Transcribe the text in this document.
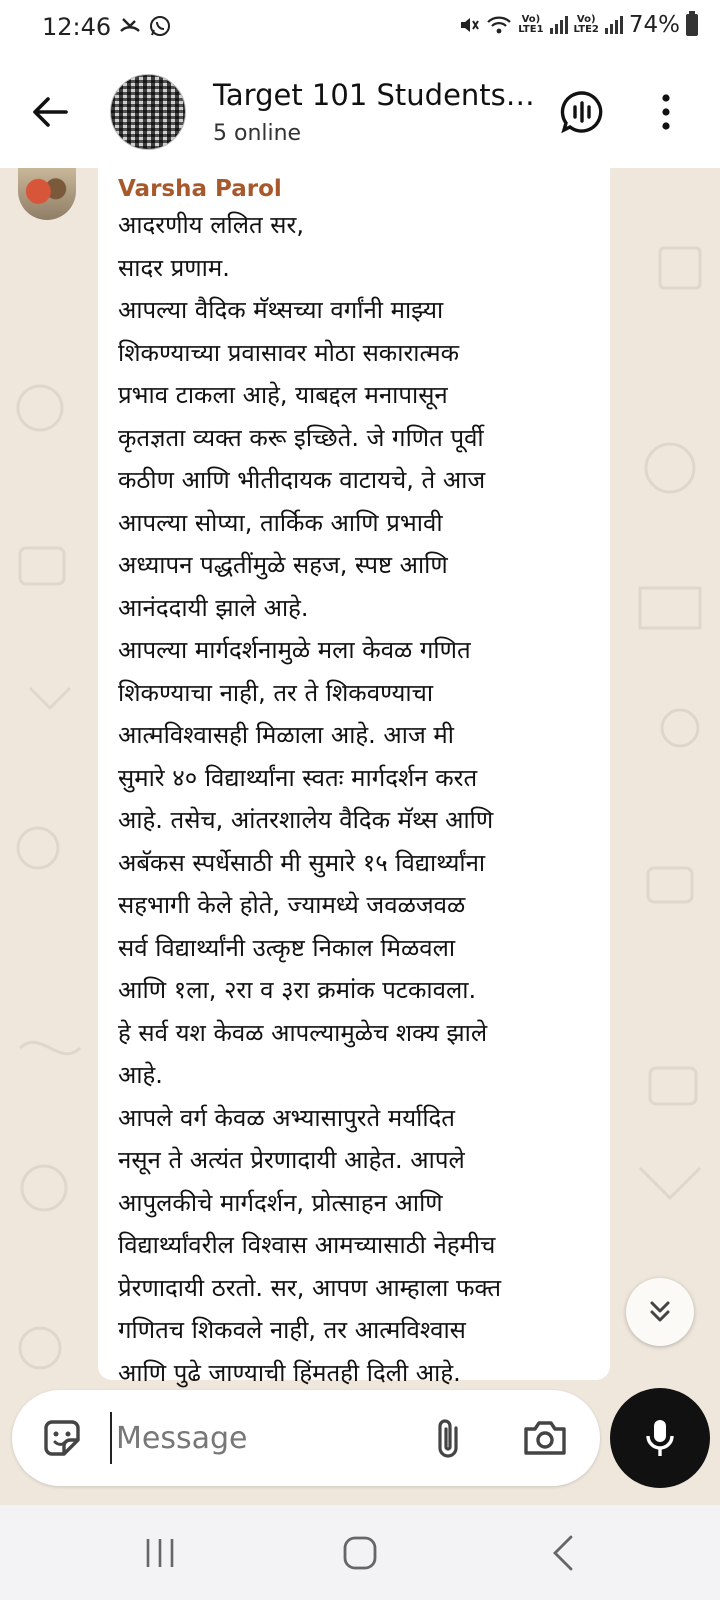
12:46	Vo)
LTE1
Vo)
LTE2 74%
Target 101 Students…
5 online
Varsha Parol
आदरणीय ललित सर,
सादर प्रणाम.
आपल्या वैदिक मॅथ्सच्या वर्गांनी माझ्या
शिकण्याच्या प्रवासावर मोठा सकारात्मक
प्रभाव टाकला आहे, याबद्दल मनापासून
कृतज्ञता व्यक्त करू इच्छिते. जे गणित पूर्वी
कठीण आणि भीतीदायक वाटायचे, ते आज
आपल्या सोप्या, तार्किक आणि प्रभावी
अध्यापन पद्धतींमुळे सहज, स्पष्ट आणि
आनंददायी झाले आहे.
आपल्या मार्गदर्शनामुळे मला केवळ गणित
शिकण्याचा नाही, तर ते शिकवण्याचा
आत्मविश्वासही मिळाला आहे. आज मी
सुमारे ४० विद्यार्थ्यांना स्वतः मार्गदर्शन करत
आहे. तसेच, आंतरशालेय वैदिक मॅथ्स आणि
अबॅकस स्पर्धेसाठी मी सुमारे १५ विद्यार्थ्यांना
सहभागी केले होते, ज्यामध्ये जवळजवळ
सर्व विद्यार्थ्यांनी उत्कृष्ट निकाल मिळवला
आणि १ला, २रा व ३रा क्रमांक पटकावला.
हे सर्व यश केवळ आपल्यामुळेच शक्य झाले
आहे.
आपले वर्ग केवळ अभ्यासापुरते मर्यादित
नसून ते अत्यंत प्रेरणादायी आहेत. आपले
आपुलकीचे मार्गदर्शन, प्रोत्साहन आणि
विद्यार्थ्यांवरील विश्वास आमच्यासाठी नेहमीच
प्रेरणादायी ठरतो. सर, आपण आम्हाला फक्त
गणितच शिकवले नाही, तर आत्मविश्वास
आणि पुढे जाण्याची हिंमतही दिली आहे.
Message
